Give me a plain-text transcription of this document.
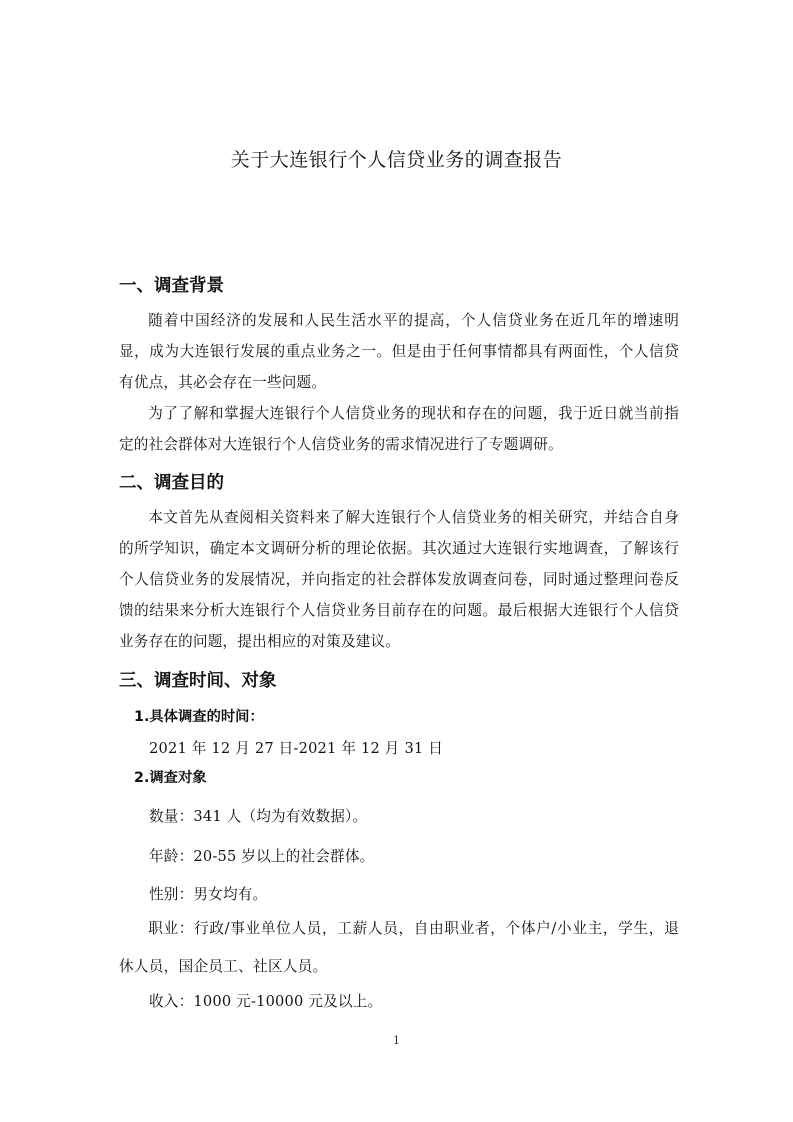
关于大连银行个人信贷业务的调查报告
一、调查背景

随着中国经济的发展和人民生活水平的提高，个人信贷业务在近几年的增速明显，成为大连银行发展的重点业务之一。但是由于任何事情都具有两面性，个人信贷有优点，其必会存在一些问题。

为了了解和掌握大连银行个人信贷业务的现状和存在的问题，我于近日就当前指定的社会群体对大连银行个人信贷业务的需求情况进行了专题调研。

二、调查目的

本文首先从查阅相关资料来了解大连银行个人信贷业务的相关研究，并结合自身的所学知识，确定本文调研分析的理论依据。其次通过大连银行实地调查，了解该行个人信贷业务的发展情况，并向指定的社会群体发放调查问卷，同时通过整理问卷反馈的结果来分析大连银行个人信贷业务目前存在的问题。最后根据大连银行个人信贷业务存在的问题，提出相应的对策及建议。

三、调查时间、对象
1.具体调查的时间：
2021 年 12 月 27 日-2021 年 12 月 31 日
2.调查对象
数量：341 人（均为有效数据）。
年龄：20-55 岁以上的社会群体。
性别：男女均有。

职业：行政/事业单位人员，工薪人员，自由职业者，个体户/小业主，学生，退休人员，国企员工、社区人员。

收入：1000 元-10000 元及以上。
1
